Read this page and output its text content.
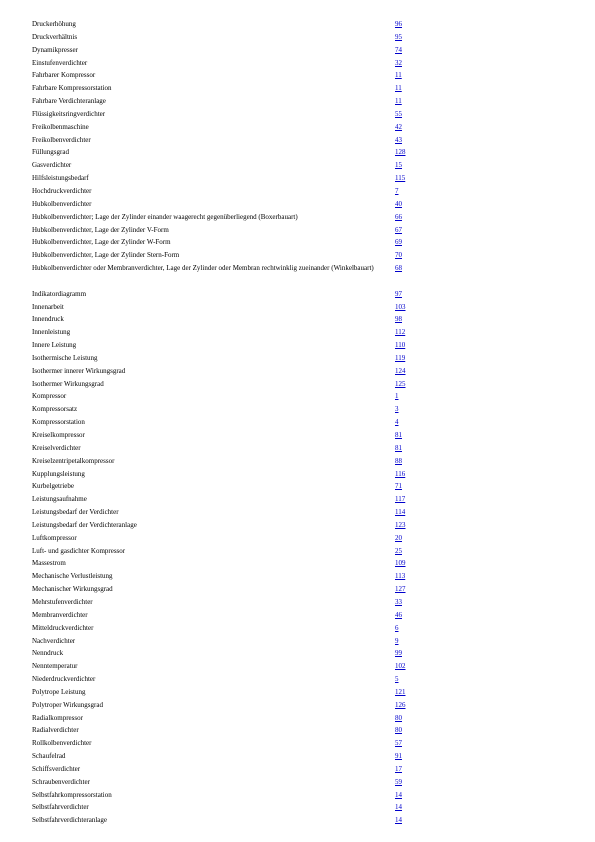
Druckerhöhung	96
Druckverhältnis	95
Dynamikpresser	74
Einstufenverdichter	32
Fahrbarer Kompressor	11
Fahrbare Kompressorstation	11
Fahrbare Verdichteranlage	11
Flüssigkeitsringverdichter	55
Freikolbenmaschine	42
Freikolbenverdichter	43
Füllungsgrad	128
Gasverdichter	15
Hilfsleistungsbedarf	115
Hochdruckverdichter	7
Hubkolbenverdichter	40
Hubkolbenverdichter; Lage der Zylinder einander waagerecht gegenüberliegend (Boxerbauart)	66
Hubkolbenverdichter, Lage der Zylinder V-Form	67
Hubkolbenverdichter, Lage der Zylinder W-Form	69
Hubkolbenverdichter, Lage der Zylinder Stern-Form	70
Hubkolbenverdichter oder Membranverdichter, Lage der Zylinder oder Membran rechtwinklig zueinander (Winkelbauart)	68
Indikatordiagramm	97
Innenarbeit	103
Innendruck	98
Innenleistung	112
Innere Leistung	110
Isothermische Leistung	119
Isothermer innerer Wirkungsgrad	124
Isothermer Wirkungsgrad	125
Kompressor	1
Kompressorsatz	3
Kompressorstation	4
Kreiselkompressor	81
Kreiselverdichter	81
Kreiselzentripetalkompressor	88
Kupplungsleistung	116
Kurbelgetriebe	71
Leistungsaufnahme	117
Leistungsbedarf der Verdichter	114
Leistungsbedarf der Verdichteranlage	123
Luftkompressor	20
Luft- und gasdichter Kompressor	25
Massestrom	109
Mechanische Verlustleistung	113
Mechanischer Wirkungsgrad	127
Mehrstufenverdichter	33
Membranverdichter	46
Mitteldruckverdichter	6
Nachverdichter	9
Nenndruck	99
Nenntemperatur	102
Niederdruckverdichter	5
Polytrope Leistung	121
Polytroper Wirkungsgrad	126
Radialkompressor	80
Radialverdichter	80
Rollkolbenverdichter	57
Schaufelrad	91
Schiffsverdichter	17
Schraubenverdichter	59
Selbstfahrkompressorstation	14
Selbstfahrverdichter	14
Selbstfahrverdichteranlage	14
